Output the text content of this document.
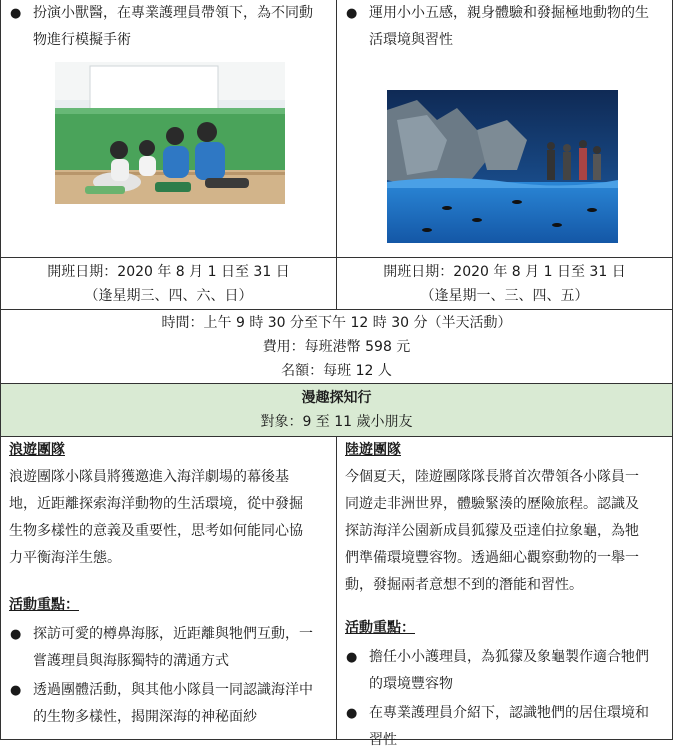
● 扮演小獸醫，在專業護理員帶領下，為不同動
物進行模擬手術
● 運用小小五感，親身體驗和發掘極地動物的生
活環境與習性
開班日期：2020 年 8 月 1 日至 31 日
（逢星期三、四、六、日）
開班日期：2020 年 8 月 1 日至 31 日
（逢星期一、三、四、五）
時間：上午 9 時 30 分至下午 12 時 30 分（半天活動）
費用：每班港幣 598 元
名額：每班 12 人
漫趣探知行
對象：9 至 11 歲小朋友
浪遊團隊
浪遊團隊小隊員將獲邀進入海洋劇場的幕後基
地，近距離探索海洋動物的生活環境，從中發掘
生物多樣性的意義及重要性，思考如何能同心協
力平衡海洋生態。
活動重點：
● 探訪可愛的樽鼻海豚，近距離與牠們互動，一
嘗護理員與海豚獨特的溝通方式
● 透過團體活動，與其他小隊員一同認識海洋中
的生物多樣性，揭開深海的神秘面紗
陸遊團隊
今個夏天，陸遊團隊隊長將首次帶領各小隊員一
同遊走非洲世界，體驗緊湊的歷險旅程。認識及
探訪海洋公園新成員狐獴及亞達伯拉象龜，為牠
們準備環境豐容物。透過細心觀察動物的一舉一
動，發掘兩者意想不到的潛能和習性。
活動重點：
● 擔任小小護理員，為狐獴及象龜製作適合牠們
的環境豐容物
● 在專業護理員介紹下，認識牠們的居住環境和
習性
